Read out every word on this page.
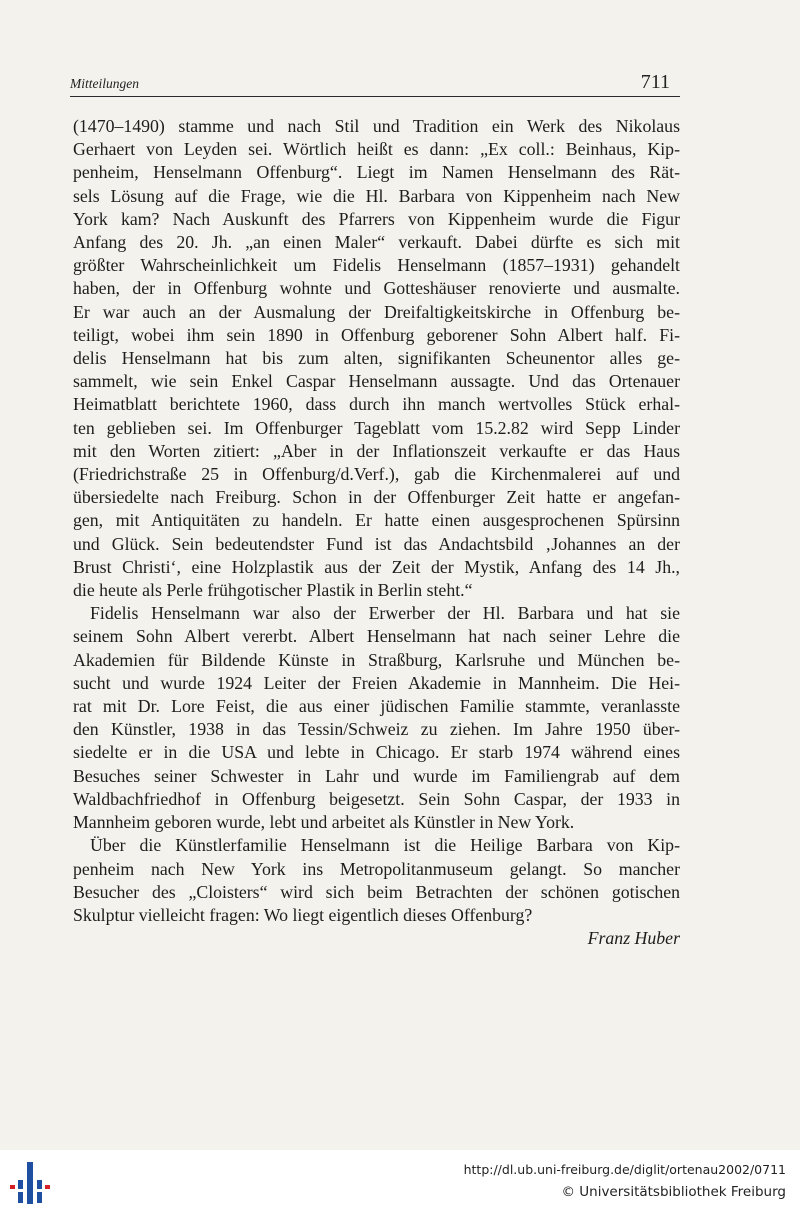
Mitteilungen	711
(1470–1490) stamme und nach Stil und Tradition ein Werk des Nikolaus
Gerhaert von Leyden sei. Wörtlich heißt es dann: „Ex coll.: Beinhaus, Kip-
penheim, Henselmann Offenburg“. Liegt im Namen Henselmann des Rät-
sels Lösung auf die Frage, wie die Hl. Barbara von Kippenheim nach New
York kam? Nach Auskunft des Pfarrers von Kippenheim wurde die Figur
Anfang des 20. Jh. „an einen Maler“ verkauft. Dabei dürfte es sich mit
größter Wahrscheinlichkeit um Fidelis Henselmann (1857–1931) gehandelt
haben, der in Offenburg wohnte und Gotteshäuser renovierte und ausmalte.
Er war auch an der Ausmalung der Dreifaltigkeitskirche in Offenburg be-
teiligt, wobei ihm sein 1890 in Offenburg geborener Sohn Albert half. Fi-
delis Henselmann hat bis zum alten, signifikanten Scheunentor alles ge-
sammelt, wie sein Enkel Caspar Henselmann aussagte. Und das Ortenauer
Heimatblatt berichtete 1960, dass durch ihn manch wertvolles Stück erhal-
ten geblieben sei. Im Offenburger Tageblatt vom 15.2.82 wird Sepp Linder
mit den Worten zitiert: „Aber in der Inflationszeit verkaufte er das Haus
(Friedrichstraße 25 in Offenburg/d.Verf.), gab die Kirchenmalerei auf und
übersiedelte nach Freiburg. Schon in der Offenburger Zeit hatte er angefan-
gen, mit Antiquitäten zu handeln. Er hatte einen ausgesprochenen Spürsinn
und Glück. Sein bedeutendster Fund ist das Andachtsbild ‚Johannes an der
Brust Christi‘, eine Holzplastik aus der Zeit der Mystik, Anfang des 14 Jh.,
die heute als Perle frühgotischer Plastik in Berlin steht.“
Fidelis Henselmann war also der Erwerber der Hl. Barbara und hat sie
seinem Sohn Albert vererbt. Albert Henselmann hat nach seiner Lehre die
Akademien für Bildende Künste in Straßburg, Karlsruhe und München be-
sucht und wurde 1924 Leiter der Freien Akademie in Mannheim. Die Hei-
rat mit Dr. Lore Feist, die aus einer jüdischen Familie stammte, veranlasste
den Künstler, 1938 in das Tessin/Schweiz zu ziehen. Im Jahre 1950 über-
siedelte er in die USA und lebte in Chicago. Er starb 1974 während eines
Besuches seiner Schwester in Lahr und wurde im Familiengrab auf dem
Waldbachfriedhof in Offenburg beigesetzt. Sein Sohn Caspar, der 1933 in
Mannheim geboren wurde, lebt und arbeitet als Künstler in New York.
Über die Künstlerfamilie Henselmann ist die Heilige Barbara von Kip-
penheim nach New York ins Metropolitanmuseum gelangt. So mancher
Besucher des „Cloisters“ wird sich beim Betrachten der schönen gotischen
Skulptur vielleicht fragen: Wo liegt eigentlich dieses Offenburg?
Franz Huber
http://dl.ub.uni-freiburg.de/diglit/ortenau2002/0711
© Universitätsbibliothek Freiburg
